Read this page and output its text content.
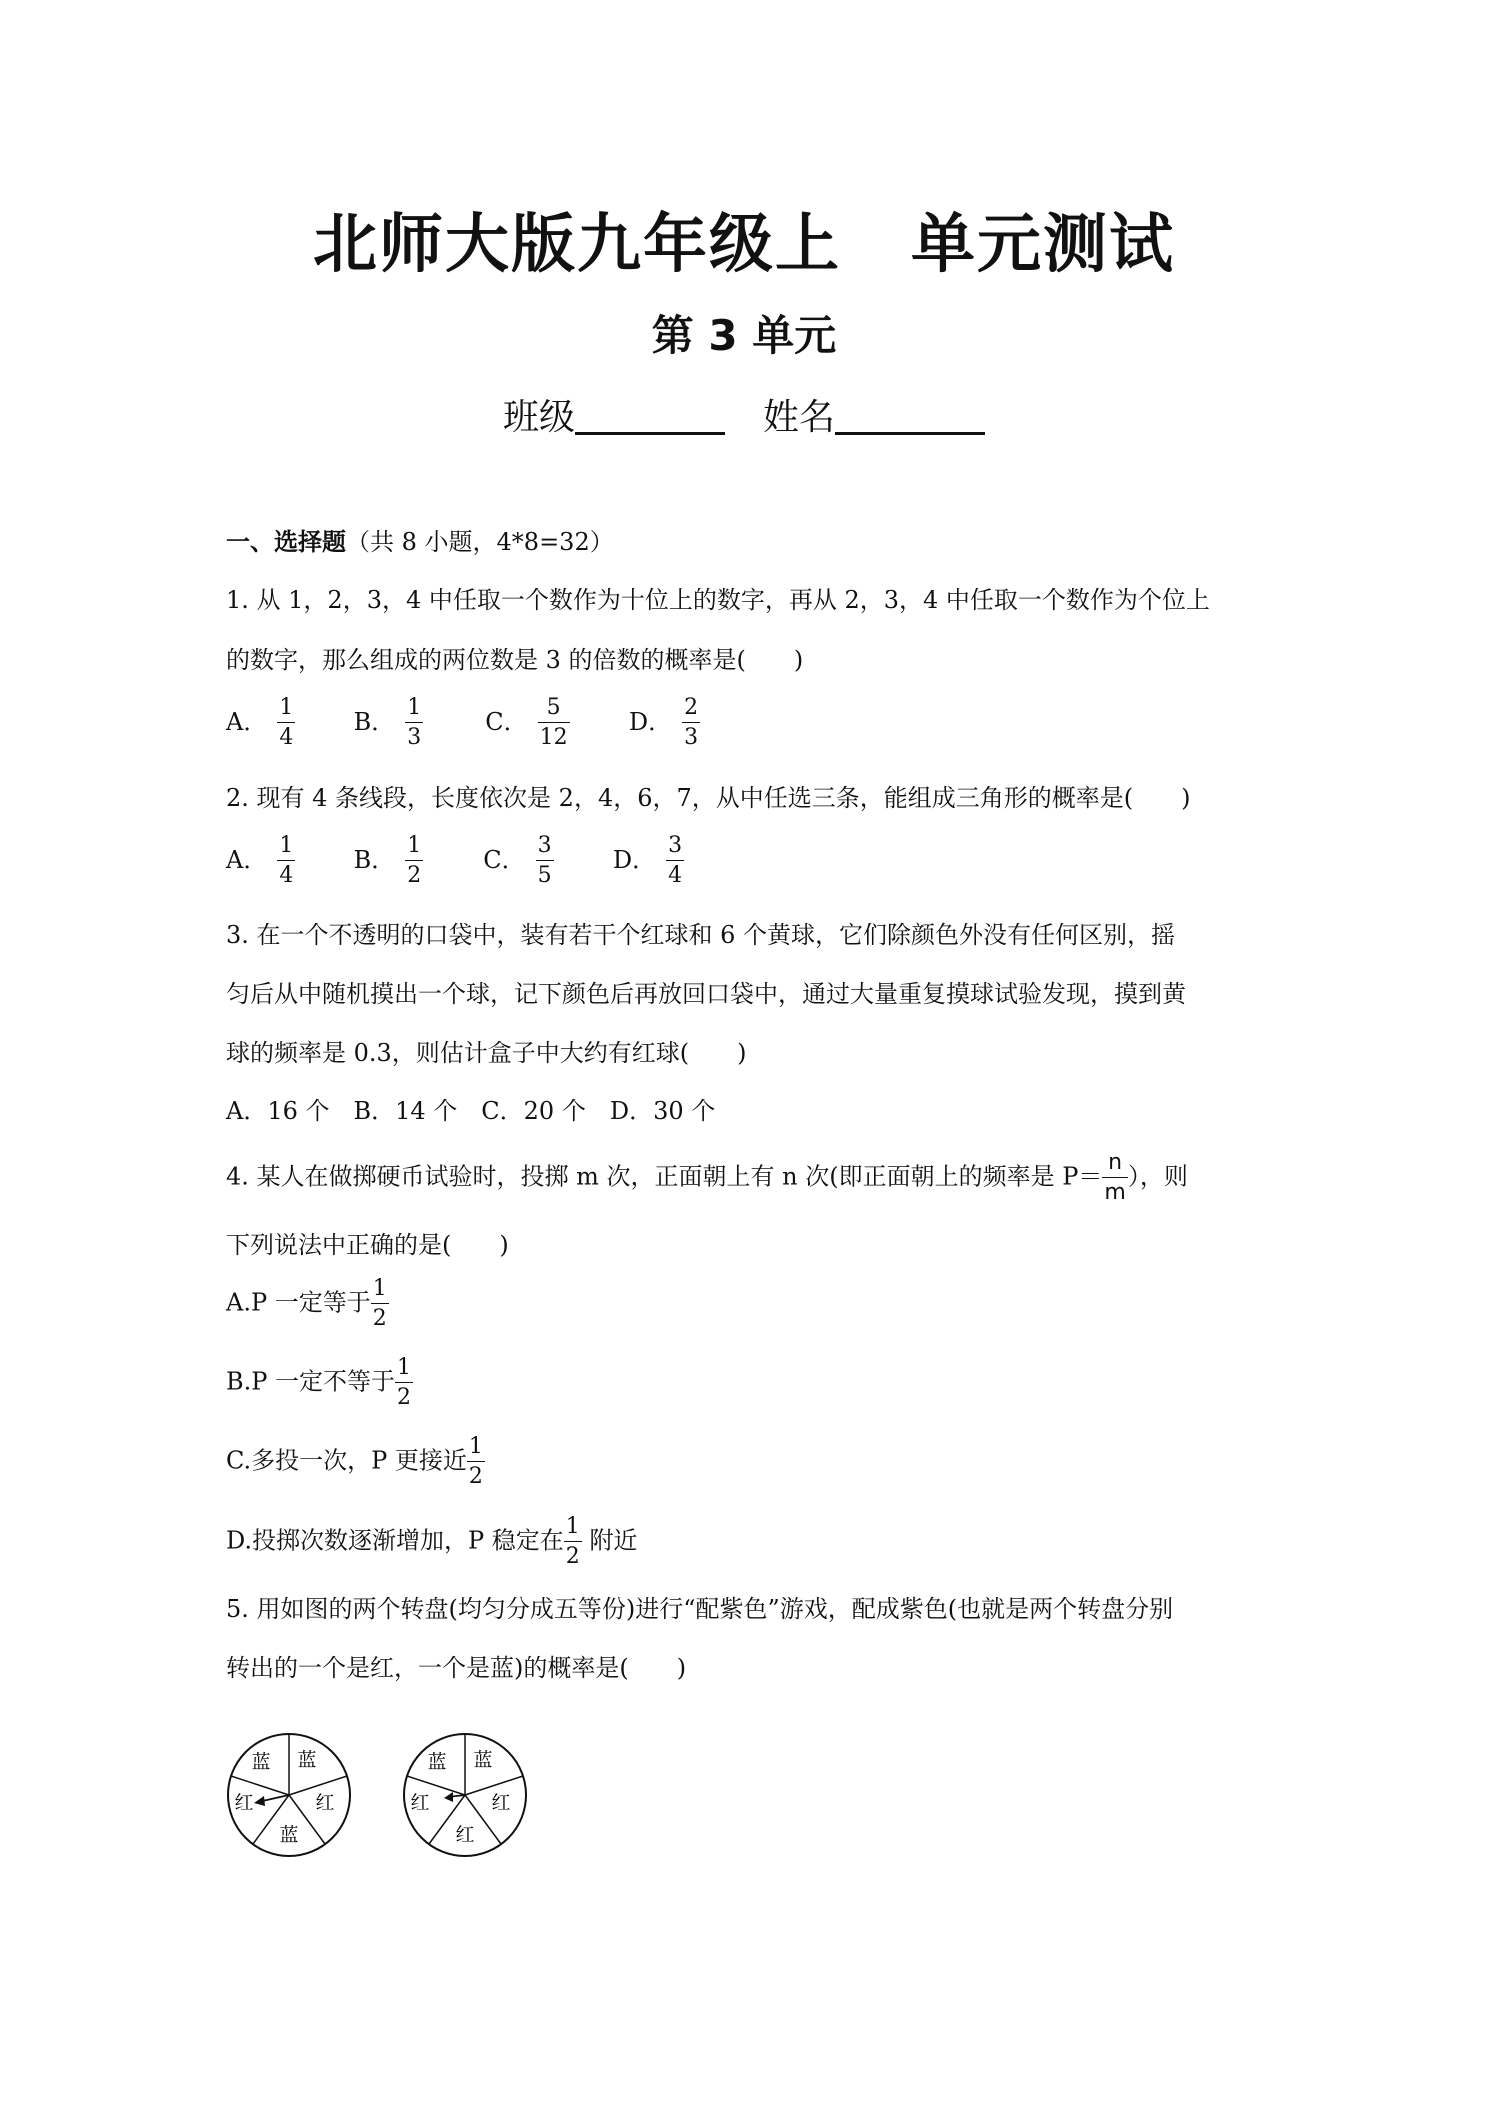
北师大版九年级上 单元测试
第 3 单元
班级	姓名
一、选择题（共 8 小题，4*8=32）
1. 从 1，2，3，4 中任取一个数作为十位上的数字，再从 2，3，4 中任取一个数作为个位上
的数字，那么组成的两位数是 3 的倍数的概率是(　　)
A． $\frac{1}{4}$ B． $\frac{1}{3}$	C． $\frac{5}{12}$ D． $\frac{2}{3}$
2. 现有 4 条线段，长度依次是 2，4，6，7，从中任选三条，能组成三角形的概率是(　　)
A． $\frac{1}{4}$ B． $\frac{1}{2}$	C． $\frac{3}{5}$ D． $\frac{3}{4}$
3. 在一个不透明的口袋中，装有若干个红球和 6 个黄球，它们除颜色外没有任何区别，摇
匀后从中随机摸出一个球，记下颜色后再放回口袋中，通过大量重复摸球试验发现，摸到黄
球的频率是 0.3，则估计盒子中大约有红球(　　)
A．16 个　B．14 个　C．20 个　D．30 个
4. 某人在做掷硬币试验时，投掷 m 次，正面朝上有 n 次(即正面朝上的频率是 $P= \frac{n}{m}$ ），则
下列说法中正确的是(　　)
A.P 一定等于 $\frac{1}{2}$
B.P 一定不等于 $\frac{1}{2}$
C.多投一次，P 更接近 $\frac{1}{2}$
D.投掷次数逐渐增加，P 稳定在 $\frac{1}{2}$ 附近
5. 用如图的两个转盘(均匀分成五等份)进行“配紫色”游戏，配成紫色(也就是两个转盘分别
转出的一个是红，一个是蓝)的概率是(　　)
蓝 蓝
红
蓝
红
蓝 蓝
红
红
红
